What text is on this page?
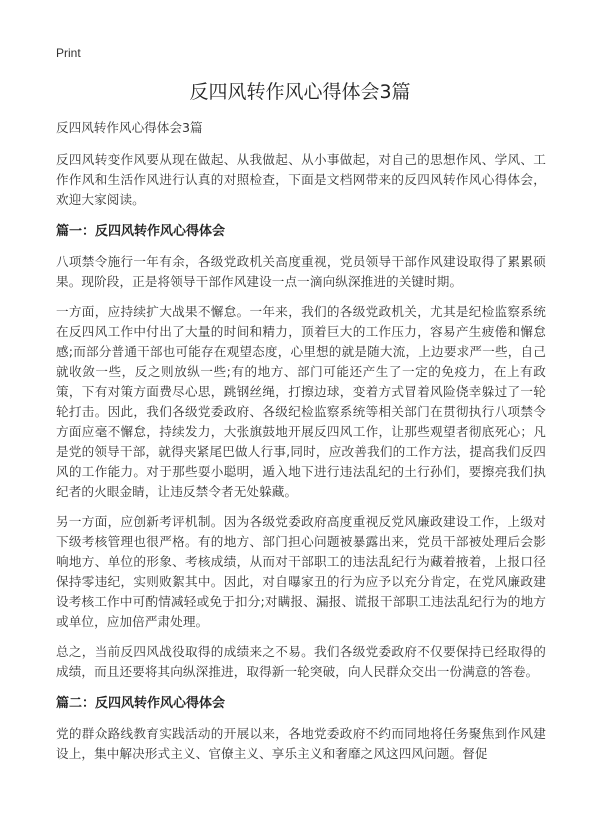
Print
反四风转作风心得体会3篇

反四风转作风心得体会3篇

反四风转变作风要从现在做起、从我做起、从小事做起，对自己的思想作风、学风、工作作风和生活作风进行认真的对照检查，下面是文档网带来的反四风转作风心得体会，欢迎大家阅读。

篇一：反四风转作风心得体会

八项禁令施行一年有余，各级党政机关高度重视，党员领导干部作风建设取得了累累硕果。现阶段，正是将领导干部作风建设一点一滴向纵深推进的关键时期。

一方面，应持续扩大战果不懈怠。一年来，我们的各级党政机关，尤其是纪检监察系统在反四风工作中付出了大量的时间和精力，顶着巨大的工作压力，容易产生疲倦和懈怠感;而部分普通干部也可能存在观望态度，心里想的就是随大流，上边要求严一些，自己就收敛一些，反之则放纵一些;有的地方、部门可能还产生了一定的免疫力，在上有政策，下有对策方面费尽心思，跳钢丝绳，打擦边球，变着方式冒着风险侥幸躲过了一轮轮打击。因此，我们各级党委政府、各级纪检监察系统等相关部门在贯彻执行八项禁令方面应毫不懈怠，持续发力，大张旗鼓地开展反四风工作，让那些观望者彻底死心；凡是党的领导干部，就得夹紧尾巴做人行事,同时，应改善我们的工作方法，提高我们反四风的工作能力。对于那些耍小聪明，遁入地下进行违法乱纪的土行孙们，要擦亮我们执纪者的火眼金睛，让违反禁令者无处躲藏。

另一方面，应创新考评机制。因为各级党委政府高度重视反党风廉政建设工作，上级对下级考核管理也很严格。有的地方、部门担心问题被暴露出来，党员干部被处理后会影响地方、单位的形象、考核成绩，从而对干部职工的违法乱纪行为藏着掖着，上报口径保持零违纪，实则败絮其中。因此，对自曝家丑的行为应予以充分肯定，在党风廉政建设考核工作中可酌情减轻或免于扣分;对瞒报、漏报、谎报干部职工违法乱纪行为的地方或单位，应加倍严肃处理。

总之，当前反四风战役取得的成绩来之不易。我们各级党委政府不仅要保持已经取得的成绩，而且还要将其向纵深推进，取得新一轮突破，向人民群众交出一份满意的答卷。

篇二：反四风转作风心得体会

党的群众路线教育实践活动的开展以来，各地党委政府不约而同地将任务聚焦到作风建设上，集中解决形式主义、官僚主义、享乐主义和奢靡之风这四风问题。督促
